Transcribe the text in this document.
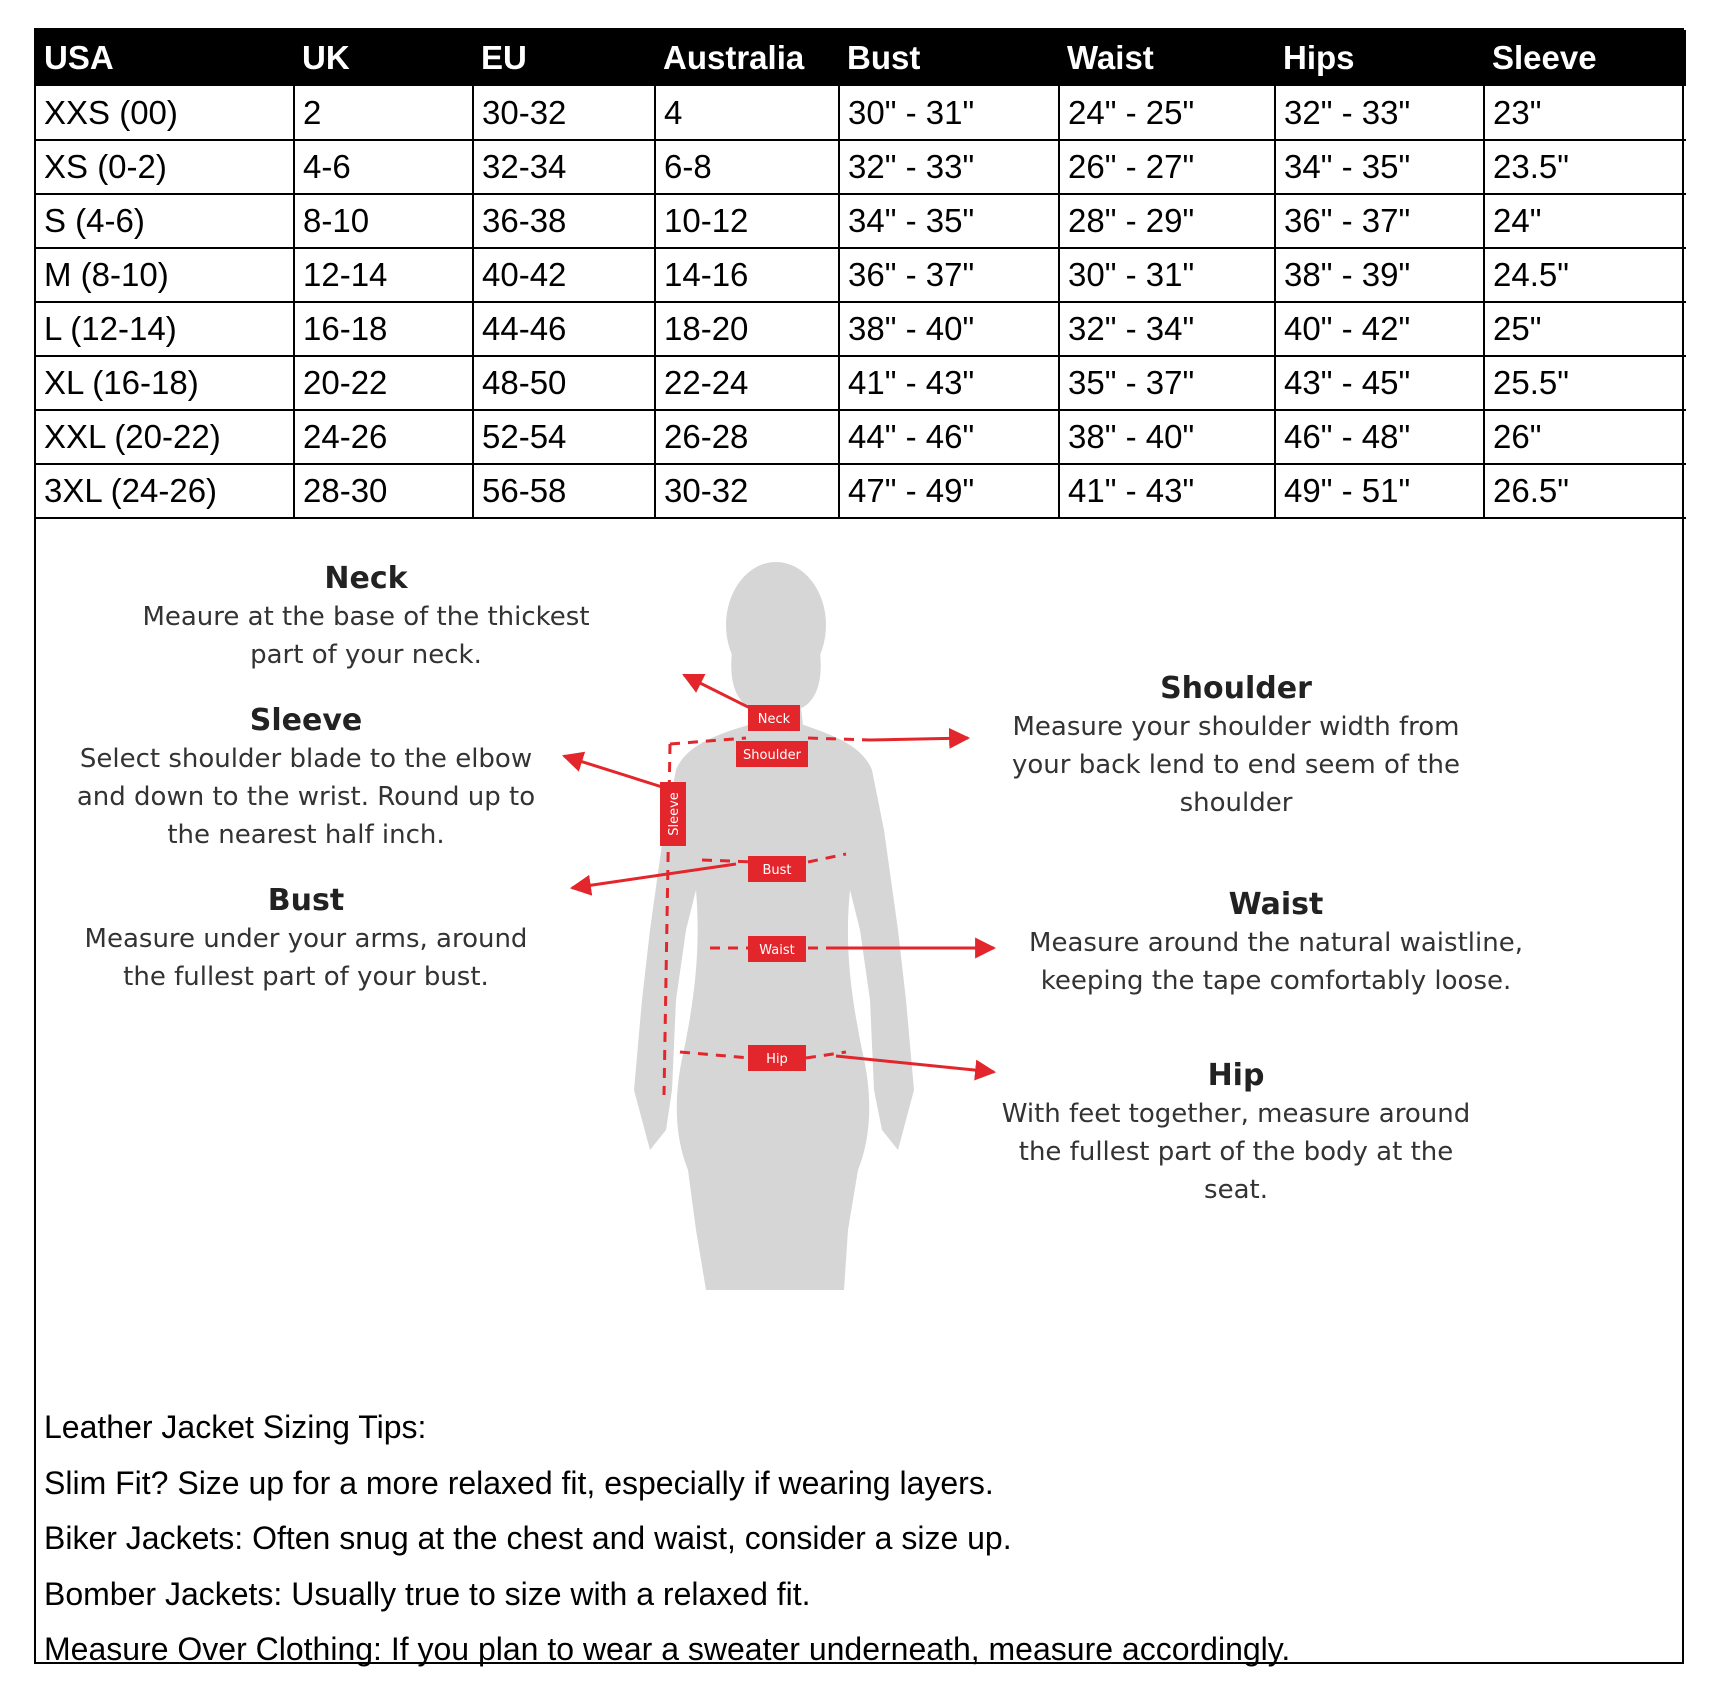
USA	UK	EU	Australia	Bust	Waist	Hips	Sleeve
XXS (00)	2	30-32	4	30" - 31"	24" - 25"	32" - 33"	23"
XS (0-2)	4-6	32-34	6-8	32" - 33"	26" - 27"	34" - 35"	23.5"
S (4-6)	8-10	36-38	10-12	34" - 35"	28" - 29"	36" - 37"	24"
M (8-10)	12-14	40-42	14-16	36" - 37"	30" - 31"	38" - 39"	24.5"
L (12-14)	16-18	44-46	18-20	38" - 40"	32" - 34"	40" - 42"	25"
XL (16-18)	20-22	48-50	22-24	41" - 43"	35" - 37"	43" - 45"	25.5"
XXL (20-22)	24-26	52-54	26-28	44" - 46"	38" - 40"	46" - 48"	26"
3XL (24-26)	28-30	56-58	30-32	47" - 49"	41" - 43"	49" - 51"	26.5"
Neck
Shoulder
Sleeve
Bust
Waist
Hip
Neck
Meaure at the base of the thickest
part of your neck.
Sleeve
Select shoulder blade to the elbow
and down to the wrist. Round up to
the nearest half inch.
Bust
Measure under your arms, around
the fullest part of your bust.
Shoulder
Measure your shoulder width from
your back lend to end seem of the
shoulder
Waist
Measure around the natural waistline,
keeping the tape comfortably loose.
Hip
With feet together, measure around
the fullest part of the body at the
seat.
Leather Jacket Sizing Tips:
Slim Fit? Size up for a more relaxed fit, especially if wearing layers.
Biker Jackets: Often snug at the chest and waist, consider a size up.
Bomber Jackets: Usually true to size with a relaxed fit.
Measure Over Clothing: If you plan to wear a sweater underneath, measure accordingly.
